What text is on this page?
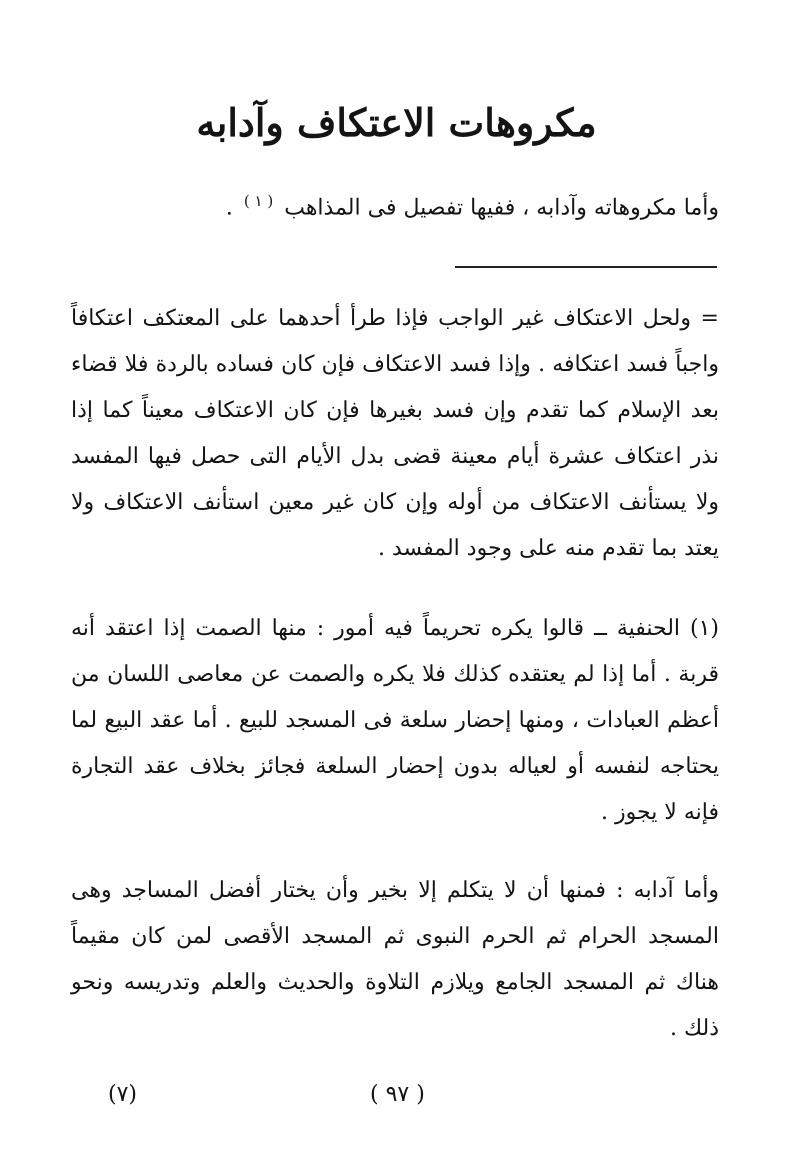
مكروهات الاعتكاف وآدابه
وأما مكروهاته وآدابه ، ففيها تفصيل فى المذاهب $^{( ١ )}$ .

= ولحل الاعتكاف غير الواجب فإذا طرأ أحدهما على المعتكف اعتكافاً واجباً فسد اعتكافه . وإذا فسد الاعتكاف فإن كان فساده بالردة فلا قضاء بعد الإسلام كما تقدم وإن فسد بغيرها فإن كان الاعتكاف معيناً كما إذا نذر اعتكاف عشرة أيام معينة قضى بدل الأيام التى حصل فيها المفسد ولا يستأنف الاعتكاف من أوله وإن كان غير معين استأنف الاعتكاف ولا يعتد بما تقدم منه على وجود المفسد .

(١) الحنفية ــ قالوا يكره تحريماً فيه أمور : منها الصمت إذا اعتقد أنه قربة . أما إذا لم يعتقده كذلك فلا يكره والصمت عن معاصى اللسان من أعظم العبادات ، ومنها إحضار سلعة فى المسجد للبيع . أما عقد البيع لما يحتاجه لنفسه أو لعياله بدون إحضار السلعة فجائز بخلاف عقد التجارة فإنه لا يجوز .

وأما آدابه : فمنها أن لا يتكلم إلا بخير وأن يختار أفضل المساجد وهى المسجد الحرام ثم الحرم النبوى ثم المسجد الأقصى لمن كان مقيماً هناك ثم المسجد الجامع ويلازم التلاوة والحديث والعلم وتدريسه ونحو ذلك .

(٧)	( ٩٧ )
